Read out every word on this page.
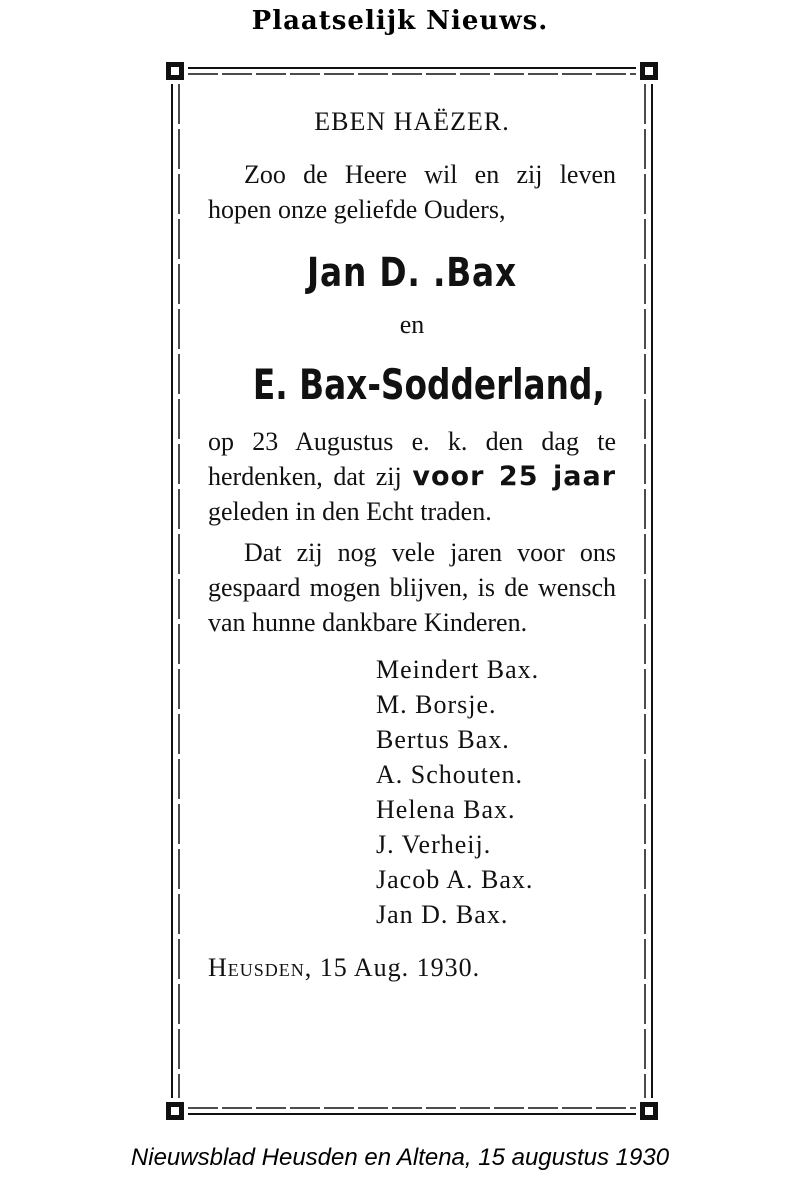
Plaatselijk Nieuws.
EBEN HAËZER.
Zoo de Heere wil en zij leven hopen onze geliefde Ouders,
Jan D. .Bax
en
E. Bax-Sodderland,
op 23 Augustus e. k. den dag te herdenken, dat zij voor 25 jaar geleden in den Echt traden.
Dat zij nog vele jaren voor ons gespaard mogen blijven, is de wensch van hunne dankbare Kinderen.
Meindert Bax.
M. Borsje.
Bertus Bax.
A. Schouten.
Helena Bax.
J. Verheij.
Jacob A. Bax.
Jan D. Bax.
Heusden, 15 Aug. 1930.
Nieuwsblad Heusden en Altena, 15 augustus 1930
